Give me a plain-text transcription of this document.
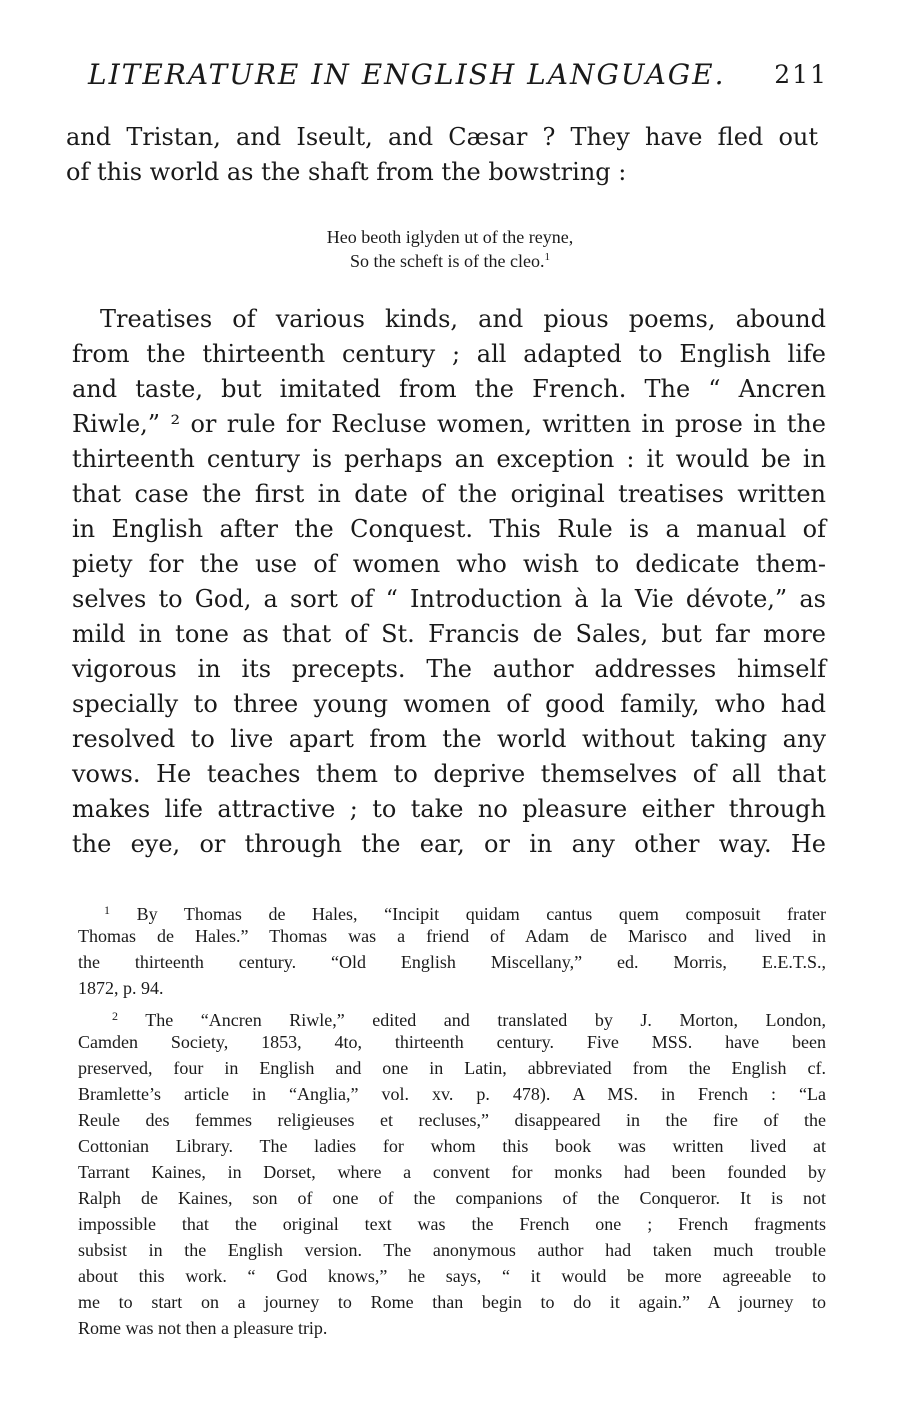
LITERATURE IN ENGLISH LANGUAGE. 211
and Tristan, and Iseult, and Cæsar ? They have fled out
of this world as the shaft from the bowstring :
Heo beoth iglyden ut of the reyne,
So the scheft is of the cleo.$^1$
Treatises of various kinds, and pious poems, abound
from the thirteenth century ; all adapted to English life
and taste, but imitated from the French. The “ Ancren
Riwle,” ² or rule for Recluse women, written in prose in the
thirteenth century is perhaps an exception : it would be in
that case the first in date of the original treatises written
in English after the Conquest. This Rule is a manual of
piety for the use of women who wish to dedicate them-
selves to God, a sort of “ Introduction à la Vie dévote,” as
mild in tone as that of St. Francis de Sales, but far more
vigorous in its precepts. The author addresses himself
specially to three young women of good family, who had
resolved to live apart from the world without taking any
vows. He teaches them to deprive themselves of all that
makes life attractive ; to take no pleasure either through
the eye, or through the ear, or in any other way. He
$^1$ By Thomas de Hales, “Incipit quidam cantus quem composuit frater
Thomas de Hales.” Thomas was a friend of Adam de Marisco and lived in
the thirteenth century. “Old English Miscellany,” ed. Morris, E.E.T.S.,
1872, p. 94.
$^2$ The “Ancren Riwle,” edited and translated by J. Morton, London,
Camden Society, 1853, 4to, thirteenth century. Five MSS. have been
preserved, four in English and one in Latin, abbreviated from the English cf.
Bramlette’s article in “Anglia,” vol. xv. p. 478). A MS. in French : “La
Reule des femmes religieuses et recluses,” disappeared in the fire of the
Cottonian Library. The ladies for whom this book was written lived at
Tarrant Kaines, in Dorset, where a convent for monks had been founded by
Ralph de Kaines, son of one of the companions of the Conqueror. It is not
impossible that the original text was the French one ; French fragments
subsist in the English version. The anonymous author had taken much trouble
about this work. “ God knows,” he says, “ it would be more agreeable to
me to start on a journey to Rome than begin to do it again.” A journey to
Rome was not then a pleasure trip.
